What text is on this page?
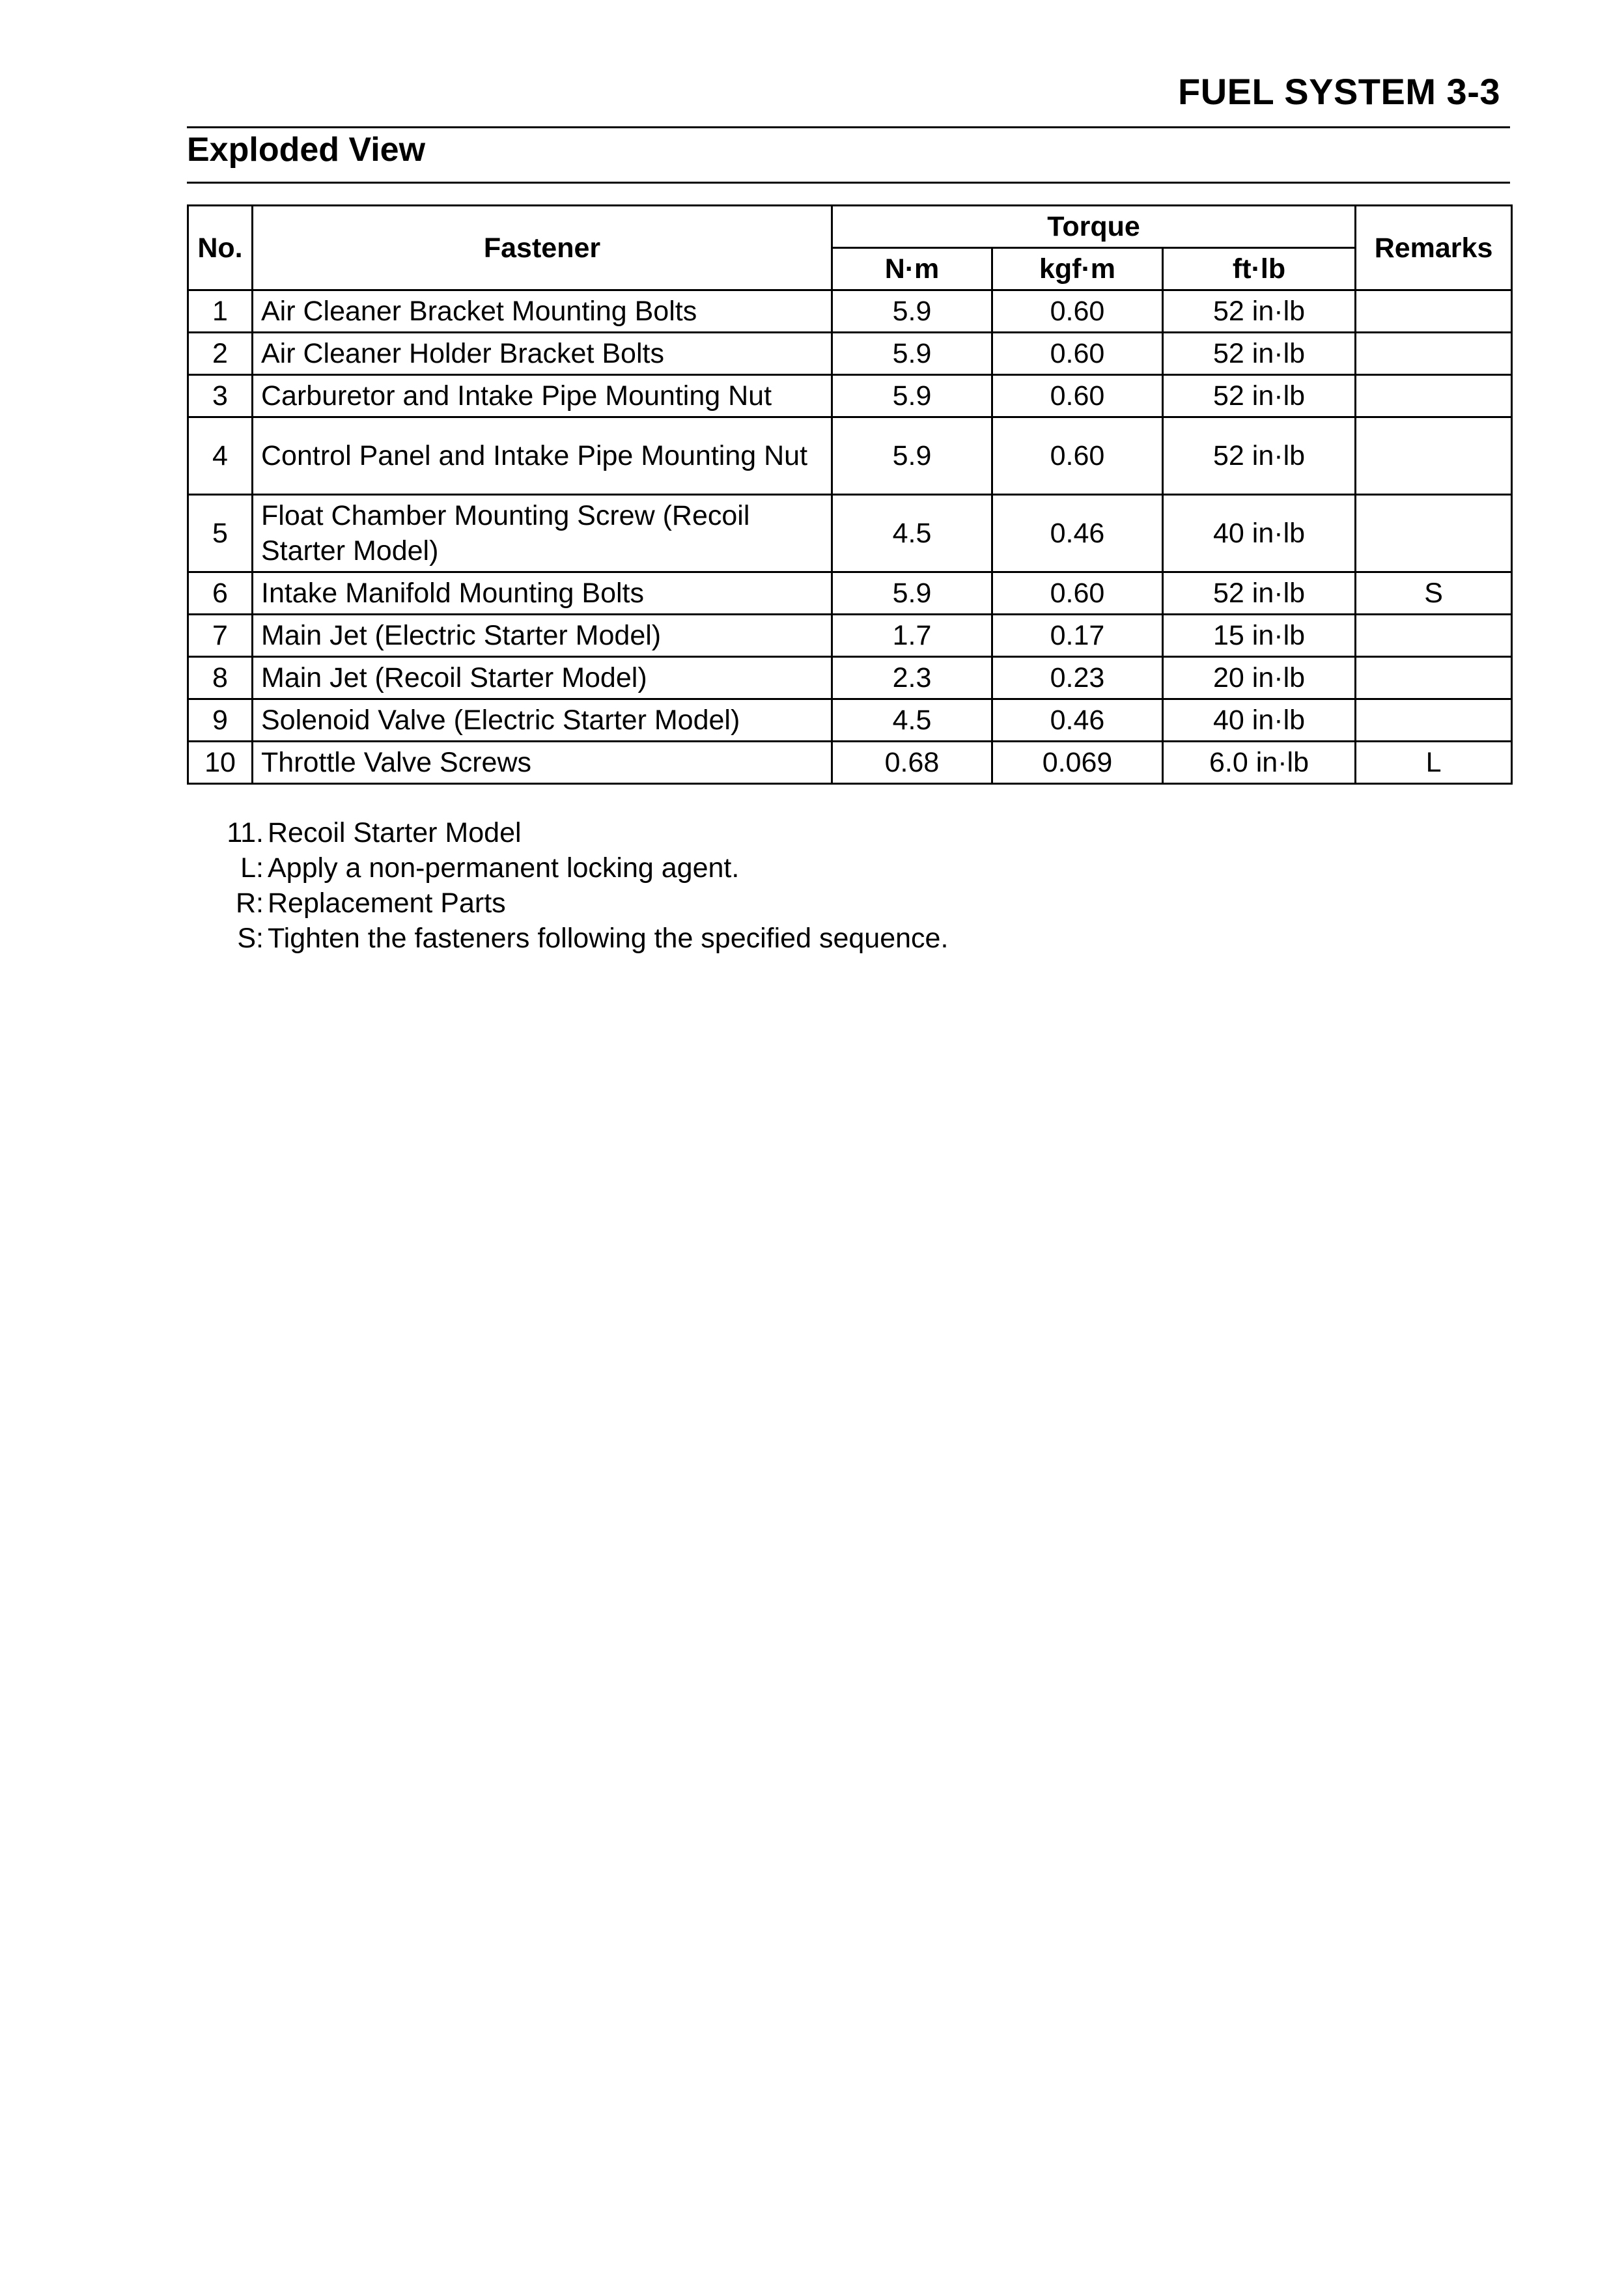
FUEL SYSTEM 3-3
Exploded View
No.	Fastener	Torque			Remarks
		N·m	kgf·m	ft·lb	
1	Air Cleaner Bracket Mounting Bolts	5.9	0.60	52 in·lb	
2	Air Cleaner Holder Bracket Bolts	5.9	0.60	52 in·lb	
3	Carburetor and Intake Pipe Mounting Nut	5.9	0.60	52 in·lb	
4	Control Panel and Intake Pipe Mounting Nut	5.9	0.60	52 in·lb	
5	Float Chamber Mounting Screw (Recoil Starter Model)	4.5	0.46	40 in·lb	
6	Intake Manifold Mounting Bolts	5.9	0.60	52 in·lb	S
7	Main Jet (Electric Starter Model)	1.7	0.17	15 in·lb	
8	Main Jet (Recoil Starter Model)	2.3	0.23	20 in·lb	
9	Solenoid Valve (Electric Starter Model)	4.5	0.46	40 in·lb	
10	Throttle Valve Screws	0.68	0.069	6.0 in·lb	L
11. Recoil Starter Model
L: Apply a non-permanent locking agent.
R: Replacement Parts
S: Tighten the fasteners following the specified sequence.
